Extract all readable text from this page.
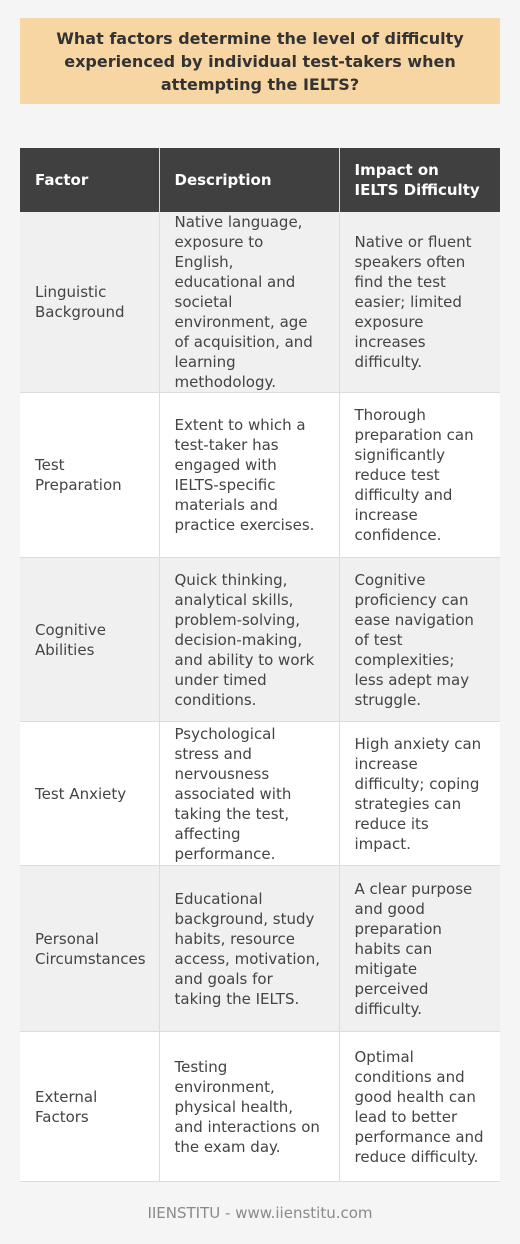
What factors determine the level of difficulty experienced by individual test-takers when attempting the IELTS?
Factor	Description	Impact on IELTS Difficulty
Linguistic Background	Native language, exposure to English, educational and societal environment, age of acquisition, and learning methodology.	Native or fluent speakers often find the test easier; limited exposure increases difficulty.
Test Preparation	Extent to which a test-taker has engaged with IELTS-specific materials and practice exercises.	Thorough preparation can significantly reduce test difficulty and increase confidence.
Cognitive Abilities	Quick thinking, analytical skills, problem-solving, decision-making, and ability to work under timed conditions.	Cognitive proficiency can ease navigation of test complexities; less adept may struggle.
Test Anxiety	Psychological stress and nervousness associated with taking the test, affecting performance.	High anxiety can increase difficulty; coping strategies can reduce its impact.
Personal Circumstances	Educational background, study habits, resource access, motivation, and goals for taking the IELTS.	A clear purpose and good preparation habits can mitigate perceived difficulty.
External Factors	Testing environment, physical health, and interactions on the exam day.	Optimal conditions and good health can lead to better performance and reduce difficulty.
IIENSTITU - www.iienstitu.com
